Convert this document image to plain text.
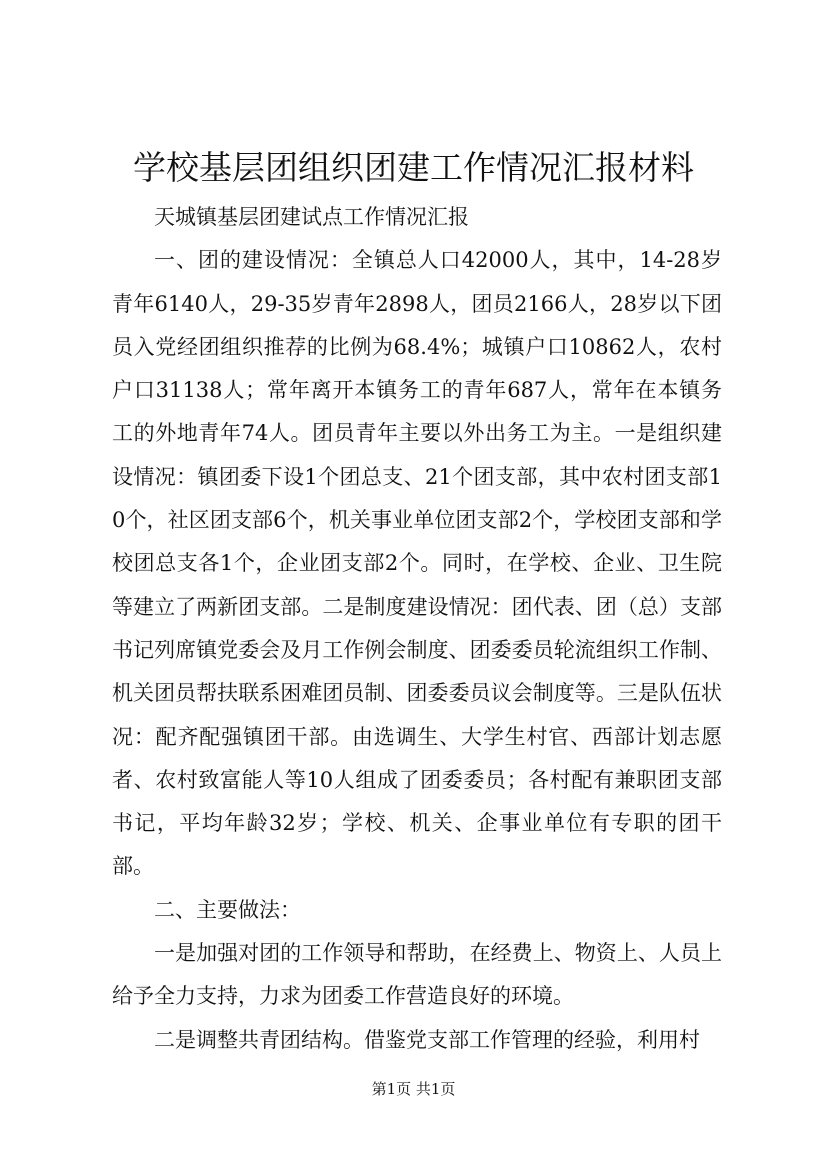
学校基层团组织团建工作情况汇报材料

天城镇基层团建试点工作情况汇报

一、团的建设情况：全镇总人口42000人，其中，14-28岁青年6140人，29-35岁青年2898人，团员2166人，28岁以下团员入党经团组织推荐的比例为68.4%；城镇户口10862人，农村户口31138人；常年离开本镇务工的青年687人，常年在本镇务工的外地青年74人。团员青年主要以外出务工为主。一是组织建设情况：镇团委下设1个团总支、21个团支部，其中农村团支部10个，社区团支部6个，机关事业单位团支部2个，学校团支部和学校团总支各1个，企业团支部2个。同时，在学校、企业、卫生院等建立了两新团支部。二是制度建设情况：团代表、团（总）支部书记列席镇党委会及月工作例会制度、团委委员轮流组织工作制、机关团员帮扶联系困难团员制、团委委员议会制度等。三是队伍状况：配齐配强镇团干部。由选调生、大学生村官、西部计划志愿者、农村致富能人等10人组成了团委委员；各村配有兼职团支部书记，平均年龄32岁；学校、机关、企事业单位有专职的团干部。

二、主要做法：

一是加强对团的工作领导和帮助，在经费上、物资上、人员上给予全力支持，力求为团委工作营造良好的环境。

二是调整共青团结构。借鉴党支部工作管理的经验，利用村

第1页 共1页
